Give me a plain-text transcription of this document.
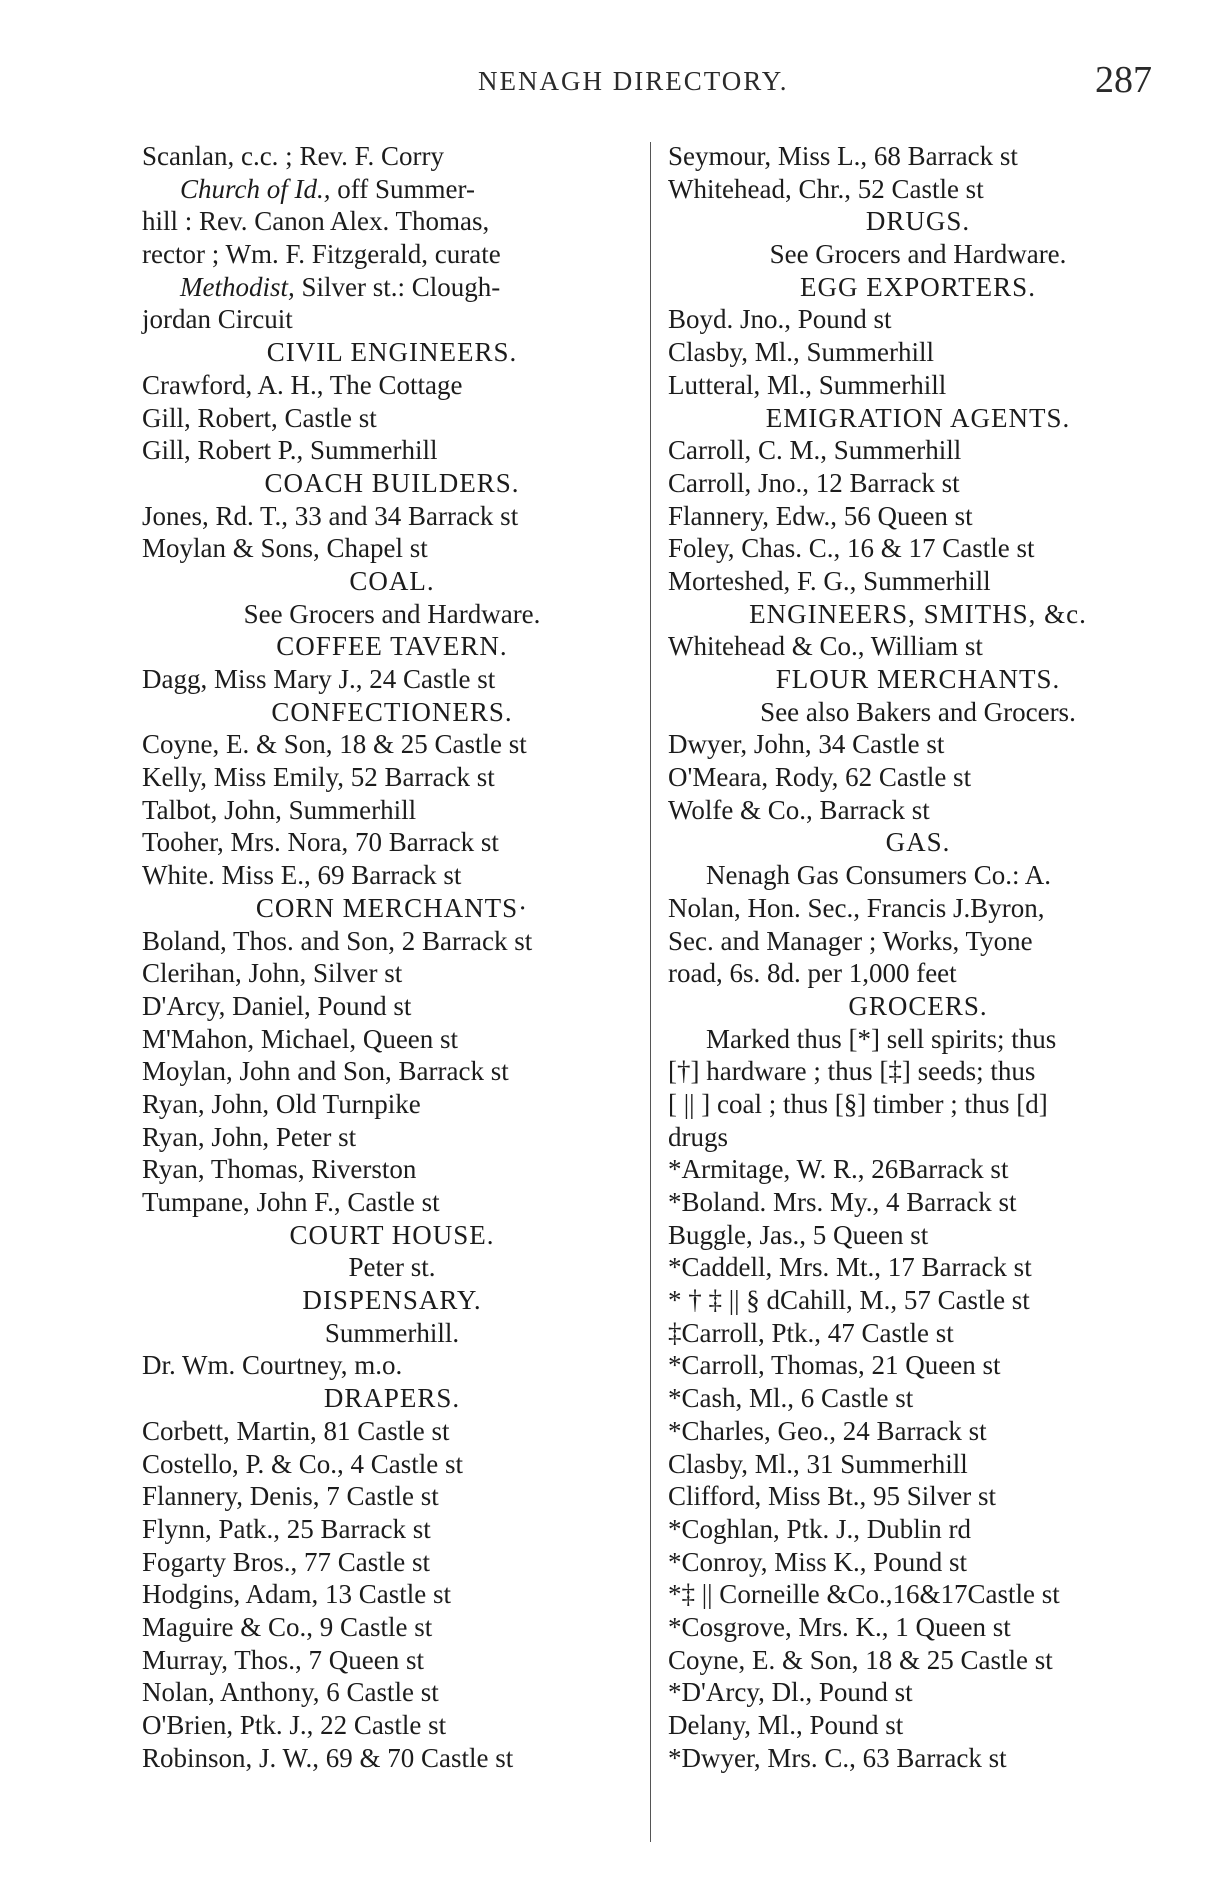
NENAGH DIRECTORY.	287
Scanlan, c.c. ; Rev. F. Corry
Church of Id., off Summer-
hill : Rev. Canon Alex. Thomas,
rector ; Wm. F. Fitzgerald, curate
Methodist, Silver st.: Clough-
jordan Circuit
CIVIL ENGINEERS.
Crawford, A. H., The Cottage
Gill, Robert, Castle st
Gill, Robert P., Summerhill
COACH BUILDERS.
Jones, Rd. T., 33 and 34 Barrack st
Moylan & Sons, Chapel st
COAL.
See Grocers and Hardware.
COFFEE TAVERN.
Dagg, Miss Mary J., 24 Castle st
CONFECTIONERS.
Coyne, E. & Son, 18 & 25 Castle st
Kelly, Miss Emily, 52 Barrack st
Talbot, John, Summerhill
Tooher, Mrs. Nora, 70 Barrack st
White. Miss E., 69 Barrack st
CORN MERCHANTS·
Boland, Thos. and Son, 2 Barrack st
Clerihan, John, Silver st
D'Arcy, Daniel, Pound st
M'Mahon, Michael, Queen st
Moylan, John and Son, Barrack st
Ryan, John, Old Turnpike
Ryan, John, Peter st
Ryan, Thomas, Riverston
Tumpane, John F., Castle st
COURT HOUSE.
Peter st.
DISPENSARY.
Summerhill.
Dr. Wm. Courtney, m.o.
DRAPERS.
Corbett, Martin, 81 Castle st
Costello, P. & Co., 4 Castle st
Flannery, Denis, 7 Castle st
Flynn, Patk., 25 Barrack st
Fogarty Bros., 77 Castle st
Hodgins, Adam, 13 Castle st
Maguire & Co., 9 Castle st
Murray, Thos., 7 Queen st
Nolan, Anthony, 6 Castle st
O'Brien, Ptk. J., 22 Castle st
Robinson, J. W., 69 & 70 Castle st
Seymour, Miss L., 68 Barrack st
Whitehead, Chr., 52 Castle st
DRUGS.
See Grocers and Hardware.
EGG EXPORTERS.
Boyd. Jno., Pound st
Clasby, Ml., Summerhill
Lutteral, Ml., Summerhill
EMIGRATION AGENTS.
Carroll, C. M., Summerhill
Carroll, Jno., 12 Barrack st
Flannery, Edw., 56 Queen st
Foley, Chas. C., 16 & 17 Castle st
Morteshed, F. G., Summerhill
ENGINEERS, SMITHS, &c.
Whitehead & Co., William st
FLOUR MERCHANTS.
See also Bakers and Grocers.
Dwyer, John, 34 Castle st
O'Meara, Rody, 62 Castle st
Wolfe & Co., Barrack st
GAS.
Nenagh Gas Consumers Co.: A.
Nolan, Hon. Sec., Francis J.Byron,
Sec. and Manager ; Works, Tyone
road, 6s. 8d. per 1,000 feet
GROCERS.
Marked thus [*] sell spirits; thus
[†] hardware ; thus [‡] seeds; thus
[ || ] coal ; thus [§] timber ; thus [d]
drugs
*Armitage, W. R., 26Barrack st
*Boland. Mrs. My., 4 Barrack st
Buggle, Jas., 5 Queen st
*Caddell, Mrs. Mt., 17 Barrack st
* † ‡ || § dCahill, M., 57 Castle st
‡Carroll, Ptk., 47 Castle st
*Carroll, Thomas, 21 Queen st
*Cash, Ml., 6 Castle st
*Charles, Geo., 24 Barrack st
Clasby, Ml., 31 Summerhill
Clifford, Miss Bt., 95 Silver st
*Coghlan, Ptk. J., Dublin rd
*Conroy, Miss K., Pound st
*‡ || Corneille &Co.,16&17Castle st
*Cosgrove, Mrs. K., 1 Queen st
Coyne, E. & Son, 18 & 25 Castle st
*D'Arcy, Dl., Pound st
Delany, Ml., Pound st
*Dwyer, Mrs. C., 63 Barrack st
